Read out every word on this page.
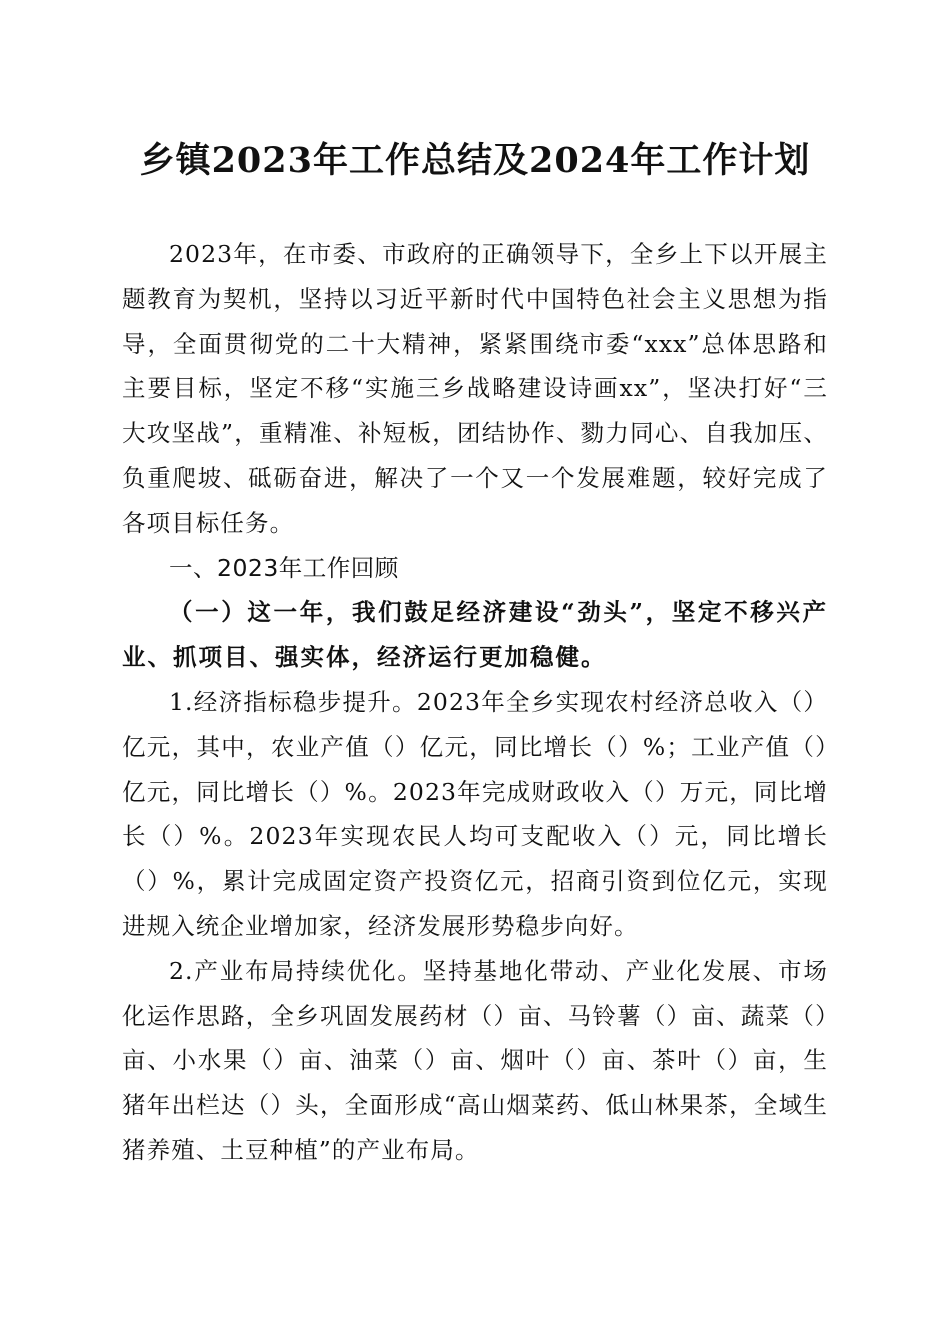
乡镇2023年工作总结及2024年工作计划

2023年，在市委、市政府的正确领导下，全乡上下以开展主题教育为契机，坚持以习近平新时代中国特色社会主义思想为指导，全面贯彻党的二十大精神，紧紧围绕市委“xxx”总体思路和主要目标，坚定不移“实施三乡战略建设诗画xx”，坚决打好“三大攻坚战”，重精准、补短板，团结协作、勠力同心、自我加压、负重爬坡、砥砺奋进，解决了一个又一个发展难题，较好完成了各项目标任务。

一、2023年工作回顾

（一）这一年，我们鼓足经济建设“劲头”，坚定不移兴产业、抓项目、强实体，经济运行更加稳健。

1.经济指标稳步提升。2023年全乡实现农村经济总收入（）亿元，其中，农业产值（）亿元，同比增长（）%；工业产值（）亿元，同比增长（）%。2023年完成财政收入（）万元，同比增长（）%。2023年实现农民人均可支配收入（）元，同比增长（）%，累计完成固定资产投资亿元，招商引资到位亿元，实现进规入统企业增加家，经济发展形势稳步向好。

2.产业布局持续优化。坚持基地化带动、产业化发展、市场化运作思路，全乡巩固发展药材（）亩、马铃薯（）亩、蔬菜（）亩、小水果（）亩、油菜（）亩、烟叶（）亩、茶叶（）亩，生猪年出栏达（）头，全面形成“高山烟菜药、低山林果茶，全域生猪养殖、土豆种植”的产业布局。
